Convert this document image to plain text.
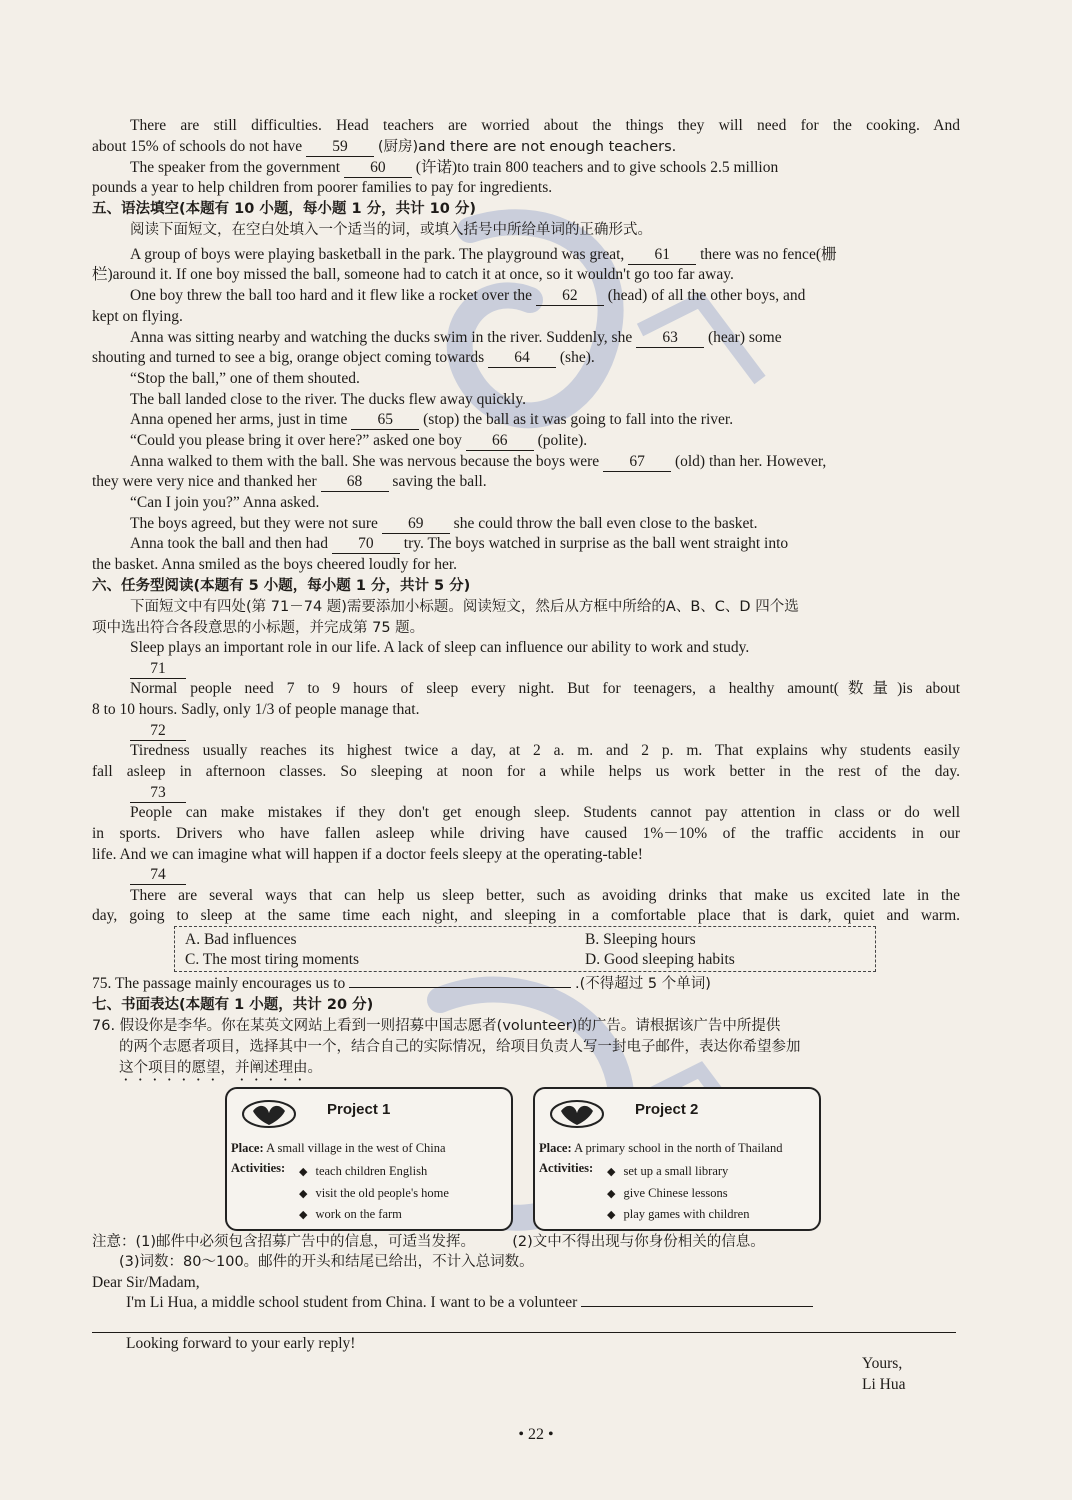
There are still difficulties. Head teachers are worried about the things they will need for the cooking. And
about 15% of schools do not have 59 (厨房)and there are not enough teachers.
The speaker from the government 60 (许诺)to train 800 teachers and to give schools 2.5 million
pounds a year to help children from poorer families to pay for ingredients.
五、语法填空(本题有 10 小题，每小题 1 分，共计 10 分)
阅读下面短文，在空白处填入一个适当的词，或填入括号中所给单词的正确形式。
A group of boys were playing basketball in the park. The playground was great, 61 there was no fence(栅
栏)around it. If one boy missed the ball, someone had to catch it at once, so it wouldn't go too far away.
One boy threw the ball too hard and it flew like a rocket over the 62 (head) of all the other boys, and
kept on flying.
Anna was sitting nearby and watching the ducks swim in the river. Suddenly, she 63 (hear) some
shouting and turned to see a big, orange object coming towards 64 (she).
“Stop the ball,” one of them shouted.
The ball landed close to the river. The ducks flew away quickly.
Anna opened her arms, just in time 65 (stop) the ball as it was going to fall into the river.
“Could you please bring it over here?” asked one boy 66 (polite).
Anna walked to them with the ball. She was nervous because the boys were 67 (old) than her. However,
they were very nice and thanked her 68 saving the ball.
“Can I join you?” Anna asked.
The boys agreed, but they were not sure 69 she could throw the ball even close to the basket.
Anna took the ball and then had 70 try. The boys watched in surprise as the ball went straight into
the basket. Anna smiled as the boys cheered loudly for her.
六、任务型阅读(本题有 5 小题，每小题 1 分，共计 5 分)
下面短文中有四处(第 71－74 题)需要添加小标题。阅读短文，然后从方框中所给的A、B、C、D 四个选
项中选出符合各段意思的小标题，并完成第 75 题。
Sleep plays an important role in our life. A lack of sleep can influence our ability to work and study.
71
Normal people need 7 to 9 hours of sleep every night. But for teenagers, a healthy amount(数量)is about
8 to 10 hours. Sadly, only 1/3 of people manage that.
72
Tiredness usually reaches its highest twice a day, at 2 a. m. and 2 p. m. That explains why students easily
fall asleep in afternoon classes. So sleeping at noon for a while helps us work better in the rest of the day.
73
People can make mistakes if they don't get enough sleep. Students cannot pay attention in class or do well
in sports. Drivers who have fallen asleep while driving have caused 1%－10% of the traffic accidents in our
life. And we can imagine what will happen if a doctor feels sleepy at the operating-table!
74
There are several ways that can help us sleep better, such as avoiding drinks that make us excited late in the
day, going to sleep at the same time each night, and sleeping in a comfortable place that is dark, quiet and warm.
A. Bad influences	B. Sleeping hours
C. The most tiring moments	D. Good sleeping habits
75. The passage mainly encourages us to	.(不得超过 5 个单词)
七、书面表达(本题有 1 小题，共计 20 分)
76. 假设你是李华。你在某英文网站上看到一则招募中国志愿者(volunteer)的广告。请根据该广告中所提供
的两个志愿者项目，选择其中一个，结合自己的实际情况，给项目负责人写一封电子邮件，表达你希望参加
这个项目的愿望，并阐述理由。
Project 1
Place: A small village in the west of China
Activities: ◆ teach children English
◆ visit the old people's home
◆ work on the farm
Project 2
Place: A primary school in the north of Thailand
Activities: ◆ set up a small library
◆ give Chinese lessons
◆ play games with children
注意：(1)邮件中必须包含招募广告中的信息，可适当发挥。	(2)文中不得出现与你身份相关的信息。
(3)词数：80～100。邮件的开头和结尾已给出，不计入总词数。
Dear Sir/Madam,
I'm Li Hua, a middle school student from China. I want to be a volunteer
Looking forward to your early reply!
Yours,
Li Hua
• 22 •
